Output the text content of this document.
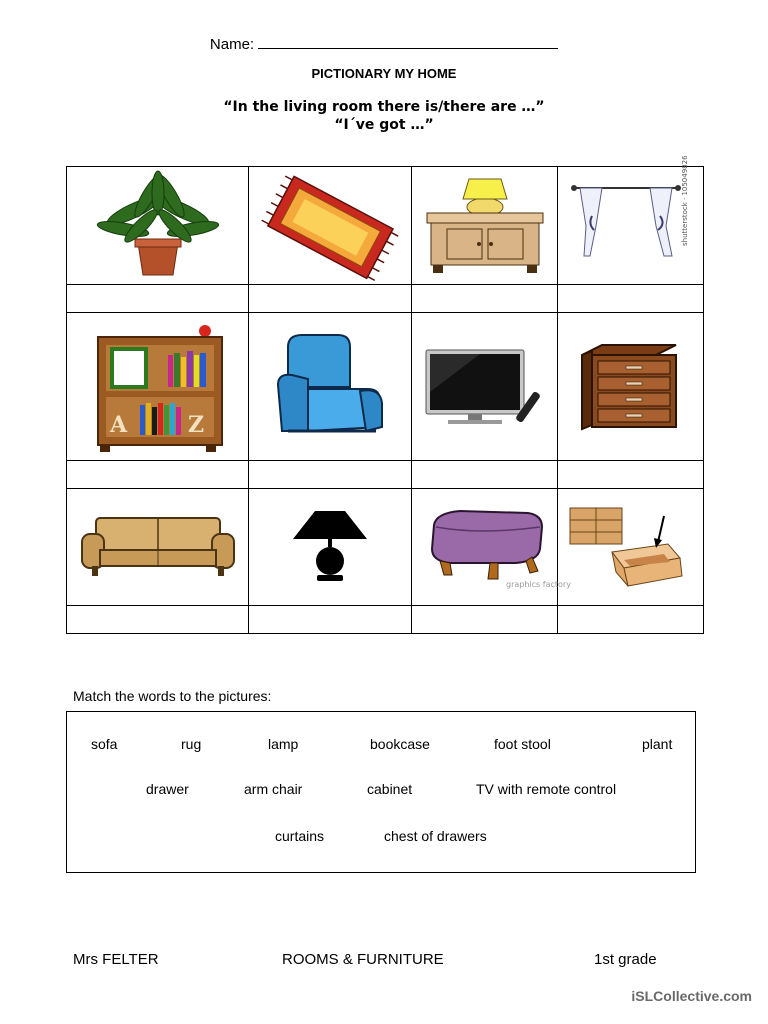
Name:
PICTIONARY MY HOME
“In the living room there is/there are …”
“I´ve got …”

shutterstock · 105049826

A Z

graphics factory

Match the words to the pictures:
sofa	rug	lamp	bookcase	foot stool	plant
drawer	arm chair	cabinet	TV with remote control
curtains	chest of drawers
Mrs FELTER	ROOMS & FURNITURE	1st grade
iSLCollective.com
